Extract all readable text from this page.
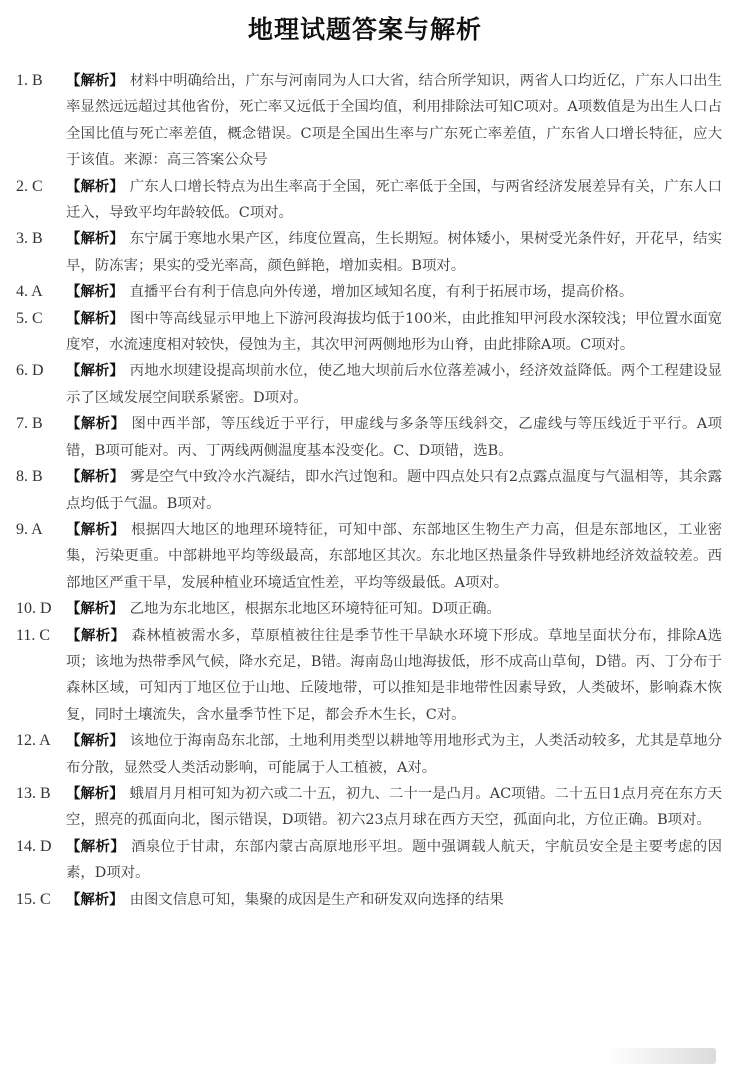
地理试题答案与解析
1. B	【解析】 材料中明确给出，广东与河南同为人口大省，结合所学知识，两省人口均近亿，广东人口出生率显然远远超过其他省份，死亡率又远低于全国均值，利用排除法可知C项对。A项数值是为出生人口占全国比值与死亡率差值，概念错误。C项是全国出生率与广东死亡率差值，广东省人口增长特征，应大于该值。来源：高三答案公众号
2. C	【解析】 广东人口增长特点为出生率高于全国，死亡率低于全国，与两省经济发展差异有关，广东人口迁入，导致平均年龄较低。C项对。
3. B	【解析】 东宁属于寒地水果产区，纬度位置高，生长期短。树体矮小，果树受光条件好，开花早，结实早，防冻害；果实的受光率高，颜色鲜艳，增加卖相。B项对。
4. A	【解析】 直播平台有利于信息向外传递，增加区域知名度，有利于拓展市场，提高价格。
5. C	【解析】 图中等高线显示甲地上下游河段海拔均低于100米，由此推知甲河段水深较浅；甲位置水面宽度窄，水流速度相对较快，侵蚀为主，其次甲河两侧地形为山脊，由此排除A项。C项对。
6. D	【解析】 丙地水坝建设提高坝前水位，使乙地大坝前后水位落差减小，经济效益降低。两个工程建设显示了区域发展空间联系紧密。D项对。
7. B	【解析】 图中西半部，等压线近于平行，甲虚线与多条等压线斜交，乙虚线与等压线近于平行。A项错，B项可能对。丙、丁两线两侧温度基本没变化。C、D项错，选B。
8. B	【解析】 雾是空气中致冷水汽凝结，即水汽过饱和。题中四点处只有2点露点温度与气温相等，其余露点均低于气温。B项对。
9. A	【解析】 根据四大地区的地理环境特征，可知中部、东部地区生物生产力高，但是东部地区，工业密集，污染更重。中部耕地平均等级最高，东部地区其次。东北地区热量条件导致耕地经济效益较差。西部地区严重干旱，发展种植业环境适宜性差，平均等级最低。A项对。
10. D	【解析】 乙地为东北地区，根据东北地区环境特征可知。D项正确。
11. C	【解析】 森林植被需水多，草原植被往往是季节性干旱缺水环境下形成。草地呈面状分布，排除A选项；该地为热带季风气候，降水充足，B错。海南岛山地海拔低，形不成高山草甸，D错。丙、丁分布于森林区域，可知丙丁地区位于山地、丘陵地带，可以推知是非地带性因素导致，人类破坏，影响森木恢复，同时土壤流失，含水量季节性下足，都会乔木生长，C对。
12. A	【解析】 该地位于海南岛东北部，土地利用类型以耕地等用地形式为主，人类活动较多，尤其是草地分布分散，显然受人类活动影响，可能属于人工植被，A对。
13. B	【解析】 蛾眉月月相可知为初六或二十五，初九、二十一是凸月。AC项错。二十五日1点月亮在东方天空，照亮的孤面向北，图示错误，D项错。初六23点月球在西方天空，孤面向北，方位正确。B项对。
14. D	【解析】 酒泉位于甘肃，东部内蒙古高原地形平坦。题中强调载人航天，宇航员安全是主要考虑的因素，D项对。
15. C	【解析】 由图文信息可知，集聚的成因是生产和研发双向选择的结果
